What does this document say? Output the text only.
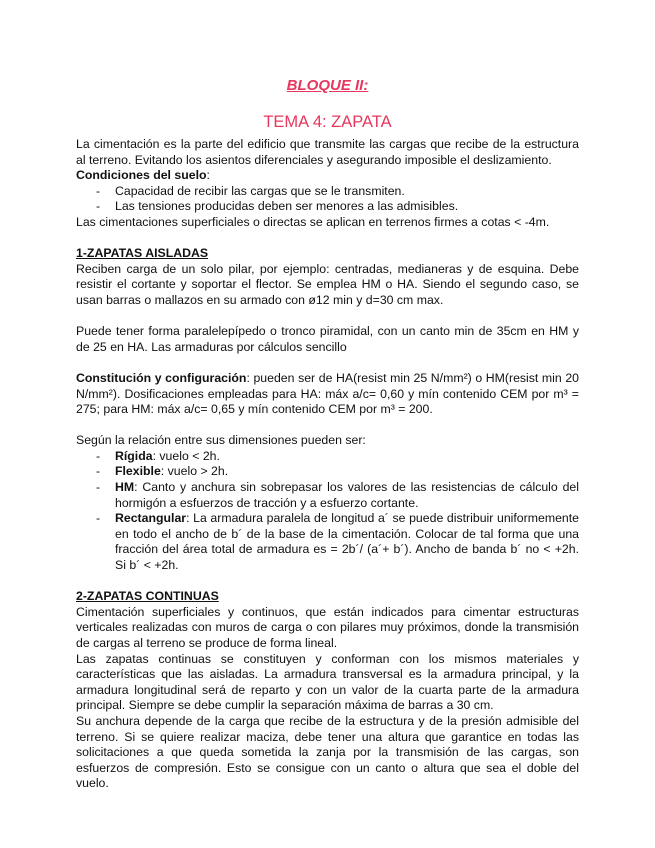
BLOQUE II:
TEMA 4: ZAPATA

La cimentación es la parte del edificio que transmite las cargas que recibe de la estructura al terreno. Evitando los asientos diferenciales y asegurando imposible el deslizamiento.

Condiciones del suelo:
- Capacidad de recibir las cargas que se le transmiten.
- Las tensiones producidas deben ser menores a las admisibles.

Las cimentaciones superficiales o directas se aplican en terrenos firmes a cotas < -4m.

1-ZAPATAS AISLADAS

Reciben carga de un solo pilar, por ejemplo: centradas, medianeras y de esquina. Debe resistir el cortante y soportar el flector. Se emplea HM o HA. Siendo el segundo caso, se usan barras o mallazos en su armado con ø12 min y d=30 cm max.

Puede tener forma paralelepípedo o tronco piramidal, con un canto min de 35cm en HM y de 25 en HA. Las armaduras por cálculos sencillo

Constitución y configuración: pueden ser de HA(resist min 25 N/mm²) o HM(resist min 20 N/mm²). Dosificaciones empleadas para HA: máx a/c= 0,60 y mín contenido CEM por m³ = 275; para HM: máx a/c= 0,65 y mín contenido CEM por m³ = 200.

Según la relación entre sus dimensiones pueden ser:

- Rígida: vuelo < 2h.
- Flexible: vuelo > 2h.
- HM: Canto y anchura sin sobrepasar los valores de las resistencias de cálculo del hormigón a esfuerzos de tracción y a esfuerzo cortante.
- Rectangular: La armadura paralela de longitud a´ se puede distribuir uniformemente en todo el ancho de b´ de la base de la cimentación. Colocar de tal forma que una fracción del área total de armadura es = 2b´/ (a´+ b´). Ancho de banda b´ no < +2h. Si b´ < +2h.
2-ZAPATAS CONTINUAS

Cimentación superficiales y continuos, que están indicados para cimentar estructuras verticales realizadas con muros de carga o con pilares muy próximos, donde la transmisión de cargas al terreno se produce de forma lineal.

Las zapatas continuas se constituyen y conforman con los mismos materiales y características que las aisladas. La armadura transversal es la armadura principal, y la armadura longitudinal será de reparto y con un valor de la cuarta parte de la armadura principal. Siempre se debe cumplir la separación máxima de barras a 30 cm.

Su anchura depende de la carga que recibe de la estructura y de la presión admisible del terreno. Si se quiere realizar maciza, debe tener una altura que garantice en todas las solicitaciones a que queda sometida la zanja por la transmisión de las cargas, son esfuerzos de compresión. Esto se consigue con un canto o altura que sea el doble del vuelo.
